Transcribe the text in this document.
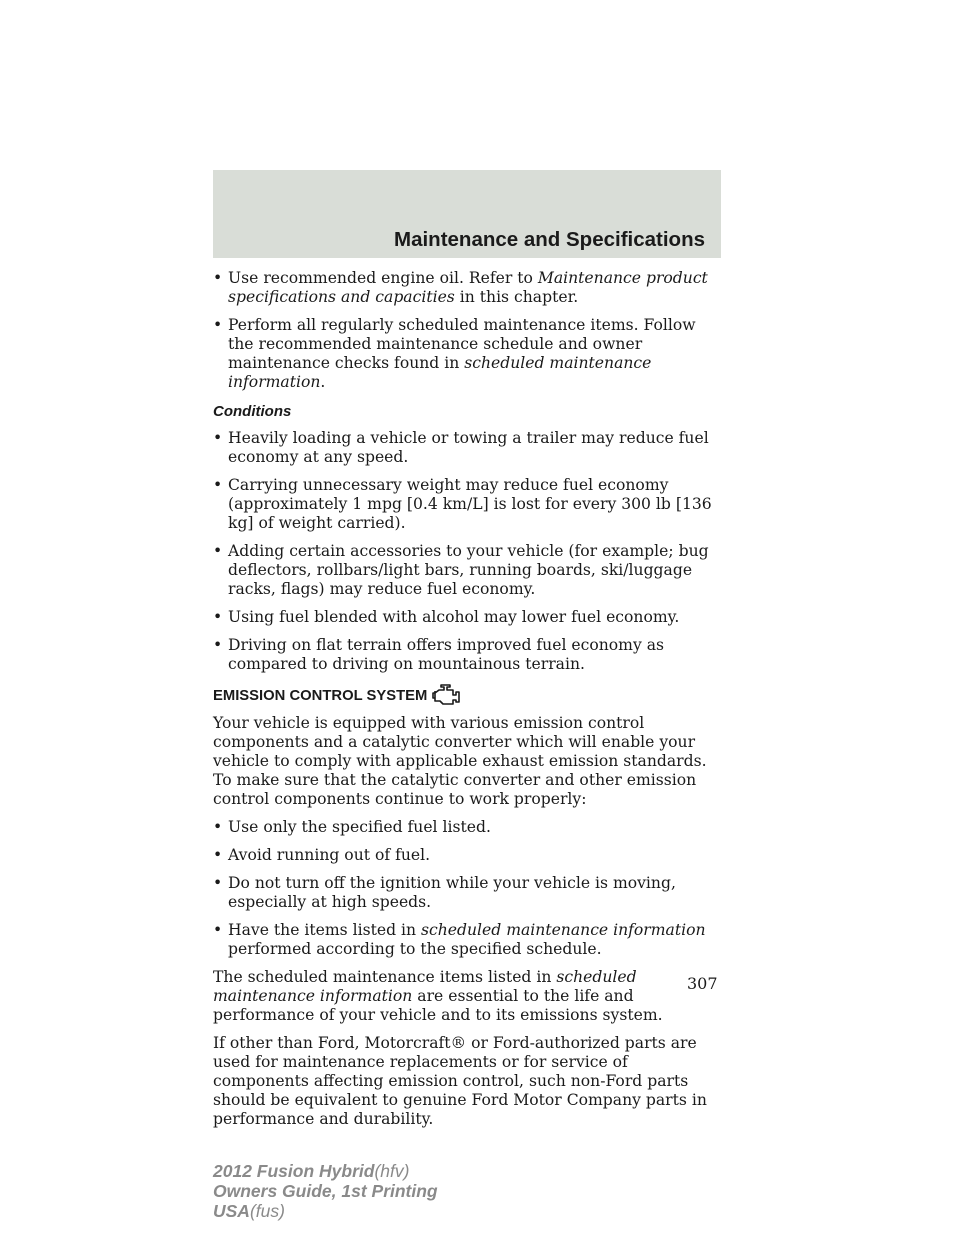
Maintenance and Specifications
• Use recommended engine oil. Refer to Maintenance product specifications and capacities in this chapter.
• Perform all regularly scheduled maintenance items. Follow the recommended maintenance schedule and owner maintenance checks found in scheduled maintenance information.
Conditions
• Heavily loading a vehicle or towing a trailer may reduce fuel economy at any speed.
• Carrying unnecessary weight may reduce fuel economy (approximately 1 mpg [0.4 km/L] is lost for every 300 lb [136 kg] of weight carried).
• Adding certain accessories to your vehicle (for example; bug deflectors, rollbars/light bars, running boards, ski/luggage racks, flags) may reduce fuel economy.
• Using fuel blended with alcohol may lower fuel economy.
• Driving on flat terrain offers improved fuel economy as compared to driving on mountainous terrain.
EMISSION CONTROL SYSTEM
Your vehicle is equipped with various emission control components and a catalytic converter which will enable your vehicle to comply with applicable exhaust emission standards. To make sure that the catalytic converter and other emission control components continue to work properly:
• Use only the specified fuel listed.
• Avoid running out of fuel.
• Do not turn off the ignition while your vehicle is moving, especially at high speeds.
• Have the items listed in scheduled maintenance information performed according to the specified schedule.
The scheduled maintenance items listed in scheduled maintenance information are essential to the life and performance of your vehicle and to its emissions system.
If other than Ford, Motorcraft® or Ford-authorized parts are used for maintenance replacements or for service of components affecting emission control, such non-Ford parts should be equivalent to genuine Ford Motor Company parts in performance and durability.
307
2012 Fusion Hybrid(hfv)
Owners Guide, 1st Printing
USA(fus)
